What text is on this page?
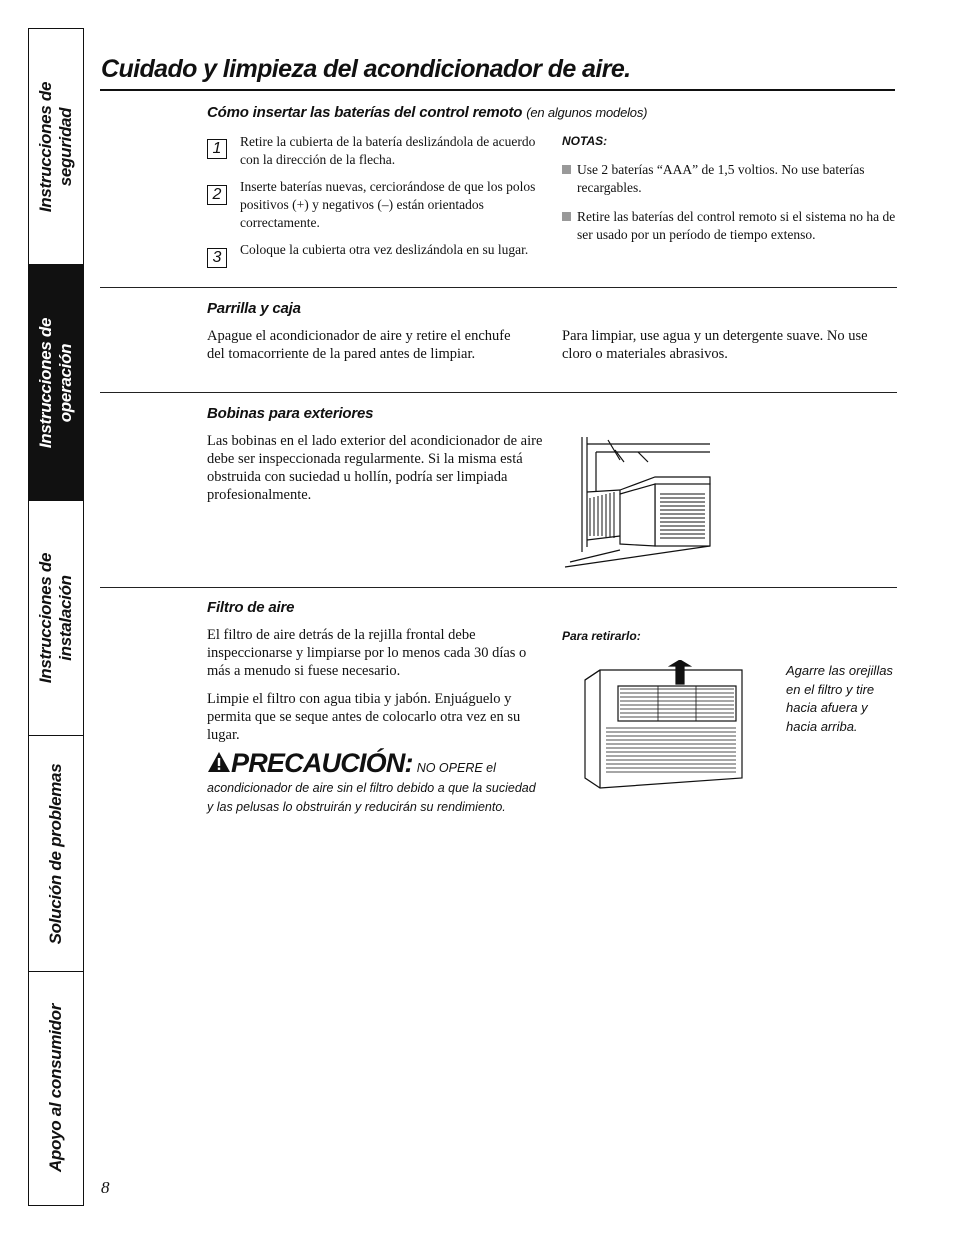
Instrucciones de
seguridad
Instrucciones de
operación
Instrucciones de
instalación
Solución de problemas
Apoyo al consumidor
Cuidado y limpieza del acondicionador de aire.
Cómo insertar las baterías del control remoto (en algunos modelos)
1	Retire la cubierta de la batería deslizándola de acuerdo con la dirección de la flecha.
2	Inserte baterías nuevas, cerciorándose de que los polos positivos (+) y negativos (–) están orientados correctamente.
3	Coloque la cubierta otra vez deslizándola en su lugar.
NOTAS:
Use 2 baterías “AAA” de 1,5 voltios. No use baterías recargables.
Retire las baterías del control remoto si el sistema no ha de ser usado por un período de tiempo extenso.
Parrilla y caja
Apague el acondicionador de aire y retire el enchufe del tomacorriente de la pared antes de limpiar.
Para limpiar, use agua y un detergente suave. No use cloro o materiales abrasivos.
Bobinas para exteriores
Las bobinas en el lado exterior del acondicionador de aire debe ser inspeccionada regularmente. Si la misma está obstruida con suciedad u hollín, podría ser limpiada profesionalmente.
Filtro de aire
El filtro de aire detrás de la rejilla frontal debe inspeccionarse y limpiarse por lo menos cada 30 días o más a menudo si fuese necesario.
Limpie el filtro con agua tibia y jabón. Enjuáguelo y permita que se seque antes de colocarlo otra vez en su lugar.
PRECAUCIÓN: NO OPERE el acondicionador de aire sin el filtro debido a que la suciedad y las pelusas lo obstruirán y reducirán su rendimiento.
Para retirarlo:
Agarre las orejillas en el filtro y tire hacia afuera y hacia arriba.
8
